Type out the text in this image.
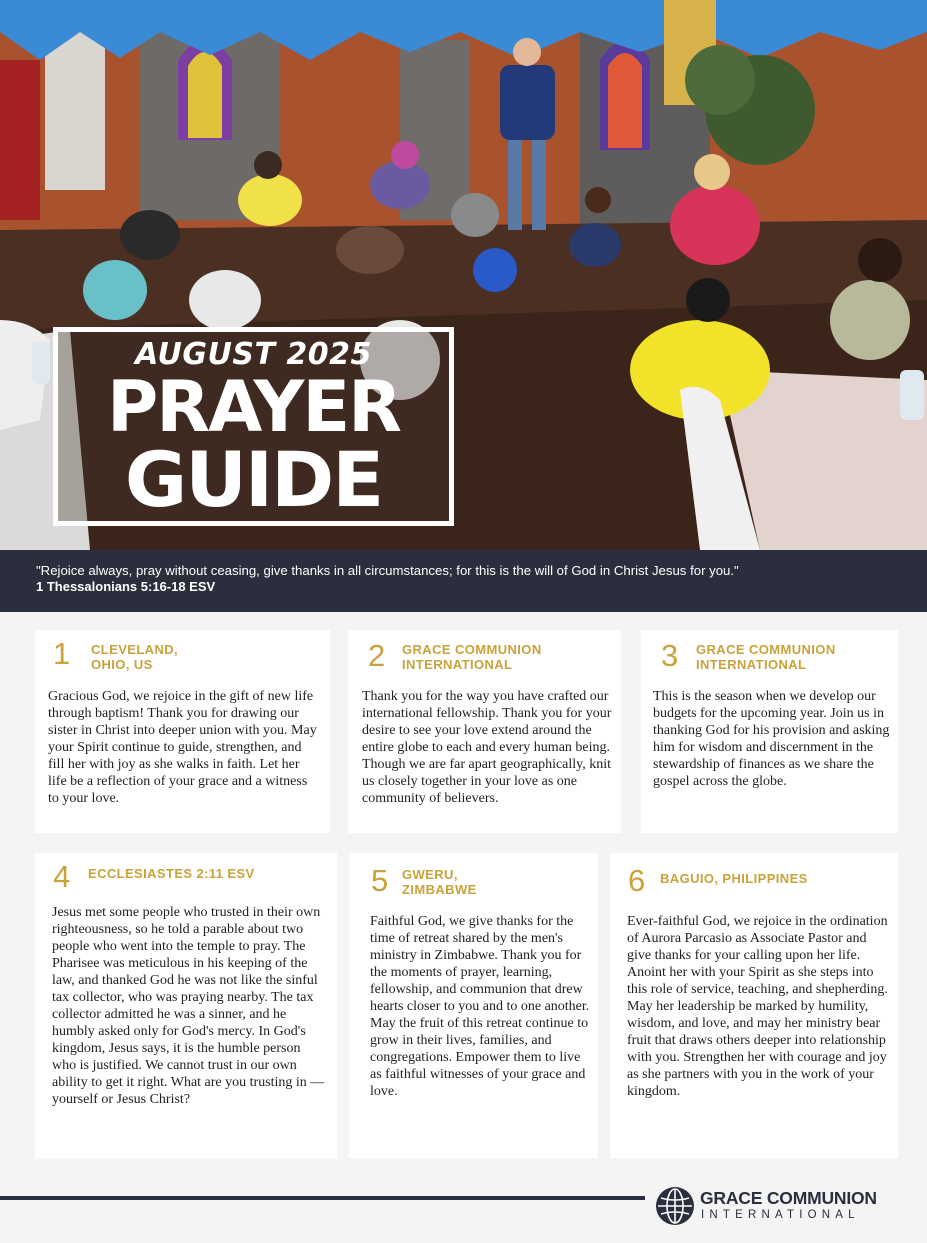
AUGUST 2025
PRAYER
GUIDE
"Rejoice always, pray without ceasing, give thanks in all circumstances; for this is the will of God in Christ Jesus for you."
1 Thessalonians 5:16-18 ESV
1 CLEVELAND,
OHIO, US
Gracious God, we rejoice in the gift of new life through baptism! Thank you for drawing our sister in Christ into deeper union with you. May your Spirit continue to guide, strengthen, and fill her with joy as she walks in faith. Let her life be a reflection of your grace and a witness to your love.
2 GRACE COMMUNION
INTERNATIONAL
Thank you for the way you have crafted our international fellowship. Thank you for your desire to see your love extend around the entire globe to each and every human being. Though we are far apart geographically, knit us closely together in your love as one community of believers.
3 GRACE COMMUNION
INTERNATIONAL
This is the season when we develop our budgets for the upcoming year. Join us in thanking God for his provision and asking him for wisdom and discernment in the stewardship of finances as we share the gospel across the globe.
4 ECCLESIASTES 2:11 ESV
Jesus met some people who trusted in their own righteousness, so he told a parable about two people who went into the temple to pray. The Pharisee was meticulous in his keeping of the law, and thanked God he was not like the sinful tax collector, who was praying nearby. The tax collector admitted he was a sinner, and he humbly asked only for God's mercy. In God's kingdom, Jesus says, it is the humble person who is justified. We cannot trust in our own ability to get it right. What are you trusting in — yourself or Jesus Christ?
5 GWERU,
ZIMBABWE
Faithful God, we give thanks for the time of retreat shared by the men's ministry in Zimbabwe. Thank you for the moments of prayer, learning, fellowship, and communion that drew hearts closer to you and to one another. May the fruit of this retreat continue to grow in their lives, families, and congregations. Empower them to live as faithful witnesses of your grace and love.
6 BAGUIO, PHILIPPINES
Ever-faithful God, we rejoice in the ordination of Aurora Parcasio as Associate Pastor and give thanks for your calling upon her life. Anoint her with your Spirit as she steps into this role of service, teaching, and shepherding. May her leadership be marked by humility, wisdom, and love, and may her ministry bear fruit that draws others deeper into relationship with you. Strengthen her with courage and joy as she partners with you in the work of your kingdom.
GRACE COMMUNION
INTERNATIONAL
